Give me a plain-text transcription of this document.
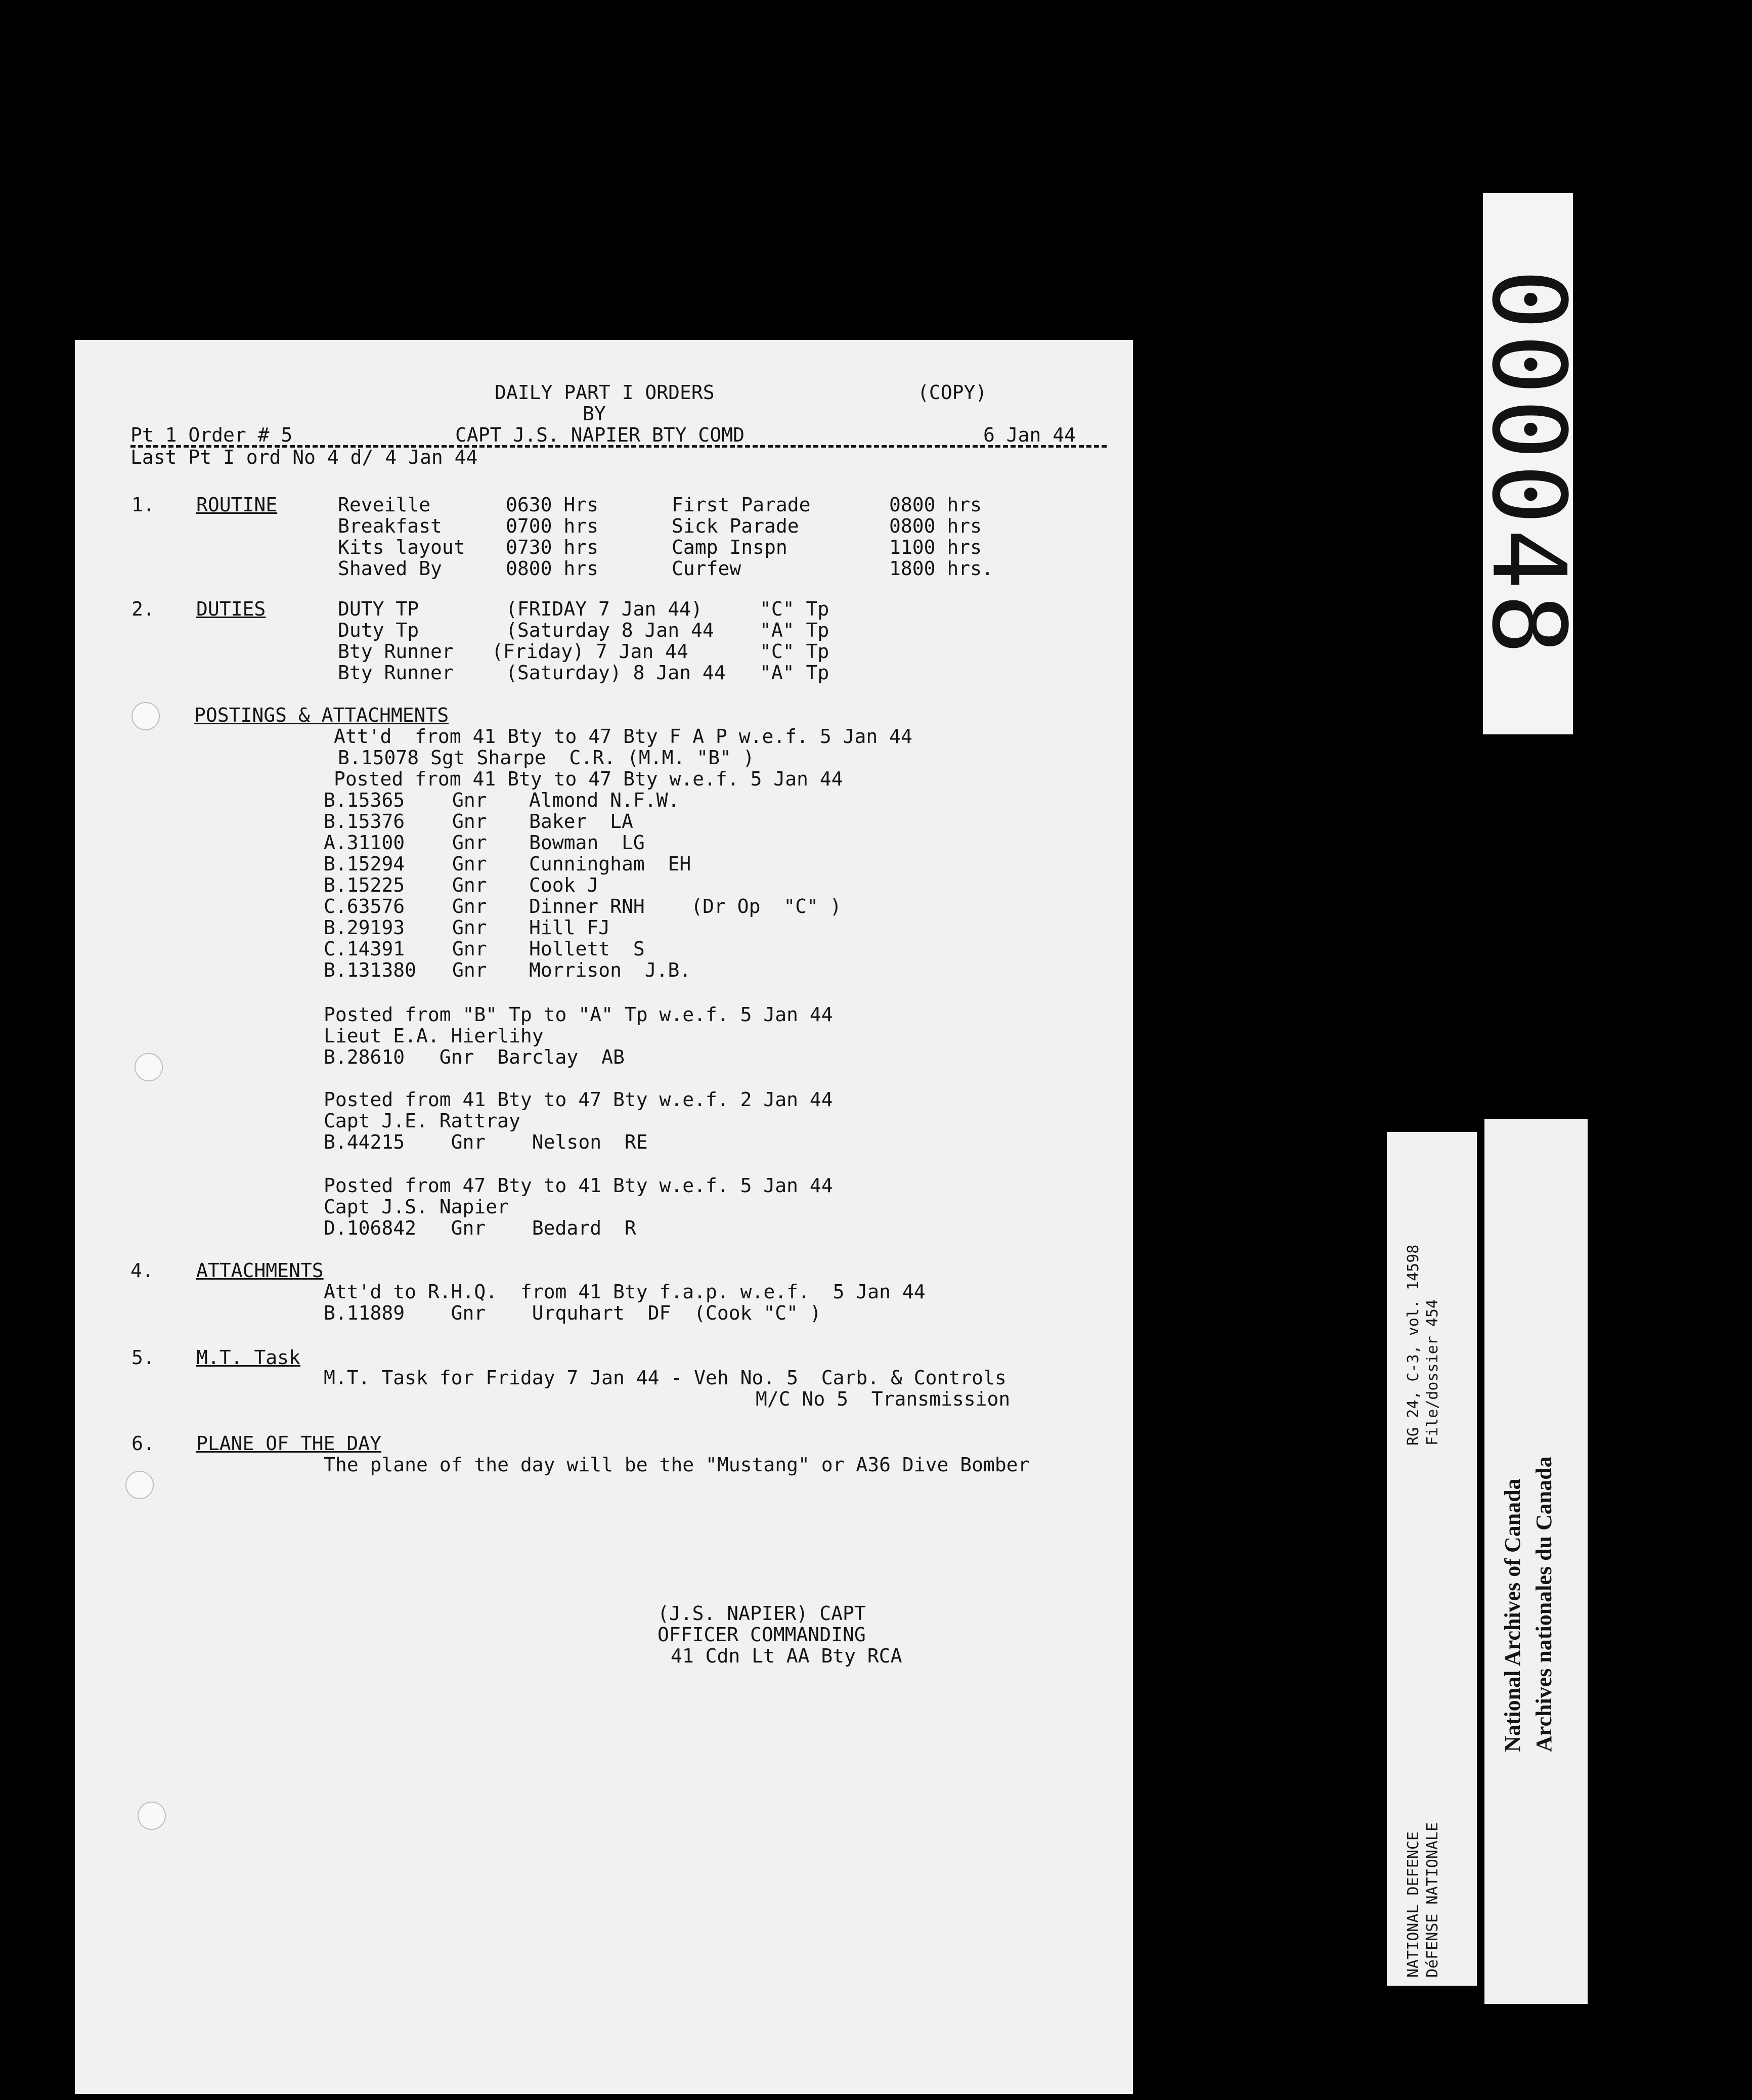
DAILY PART I ORDERS	(COPY)
BY
Pt 1 Order # 5	CAPT J.S. NAPIER BTY COMD	6 Jan 44
Last Pt I ord No 4 d/ 4 Jan 44
1. ROUTINE	Reveille	0630 Hrs	First Parade	0800 hrs
Breakfast	0700 hrs	Sick Parade	0800 hrs
Kits layout 0730 hrs	Camp Inspn	1100 hrs
Shaved By	0800 hrs	Curfew	1800 hrs.
2. DUTIES	DUTY TP	(FRIDAY 7 Jan 44)	"C" Tp
Duty Tp	(Saturday 8 Jan 44 "A" Tp
Bty Runner (Friday) 7 Jan 44	"C" Tp
Bty Runner	(Saturday) 8 Jan 44 "A" Tp
POSTINGS & ATTACHMENTS
Att'd  from 41 Bty to 47 Bty F A P w.e.f. 5 Jan 44
B.15078 Sgt Sharpe  C.R. (M.M. "B" )
Posted from 41 Bty to 47 Bty w.e.f. 5 Jan 44
B.15365 Gnr Almond N.F.W.
B.15376 Gnr Baker  LA
A.31100 Gnr Bowman  LG
B.15294 Gnr Cunningham  EH
B.15225 Gnr Cook J
C.63576 Gnr Dinner RNH    (Dr Op  "C" )
B.29193 Gnr Hill FJ
C.14391 Gnr Hollett  S
B.131380 Gnr Morrison  J.B.
Posted from "B" Tp to "A" Tp w.e.f. 5 Jan 44
Lieut E.A. Hierlihy
B.28610   Gnr  Barclay  AB
Posted from 41 Bty to 47 Bty w.e.f. 2 Jan 44
Capt J.E. Rattray
B.44215    Gnr    Nelson  RE
Posted from 47 Bty to 41 Bty w.e.f. 5 Jan 44
Capt J.S. Napier
D.106842   Gnr    Bedard  R
4. ATTACHMENTS
Att'd to R.H.Q.  from 41 Bty f.a.p. w.e.f.  5 Jan 44
B.11889    Gnr    Urquhart  DF  (Cook "C" )
5. M.T. Task
M.T. Task for Friday 7 Jan 44 - Veh No. 5  Carb. & Controls
M/C No 5  Transmission
6. PLANE OF THE DAY
The plane of the day will be the "Mustang" or A36 Dive Bomber
(J.S. NAPIER) CAPT
OFFICER COMMANDING
41 Cdn Lt AA Bty RCA
000048
RG 24, C-3, vol. 14598 File/dossier 454
NATIONAL DEFENCE DéFENSE NATIONALE
National Archives of Canada Archives nationales du Canada
